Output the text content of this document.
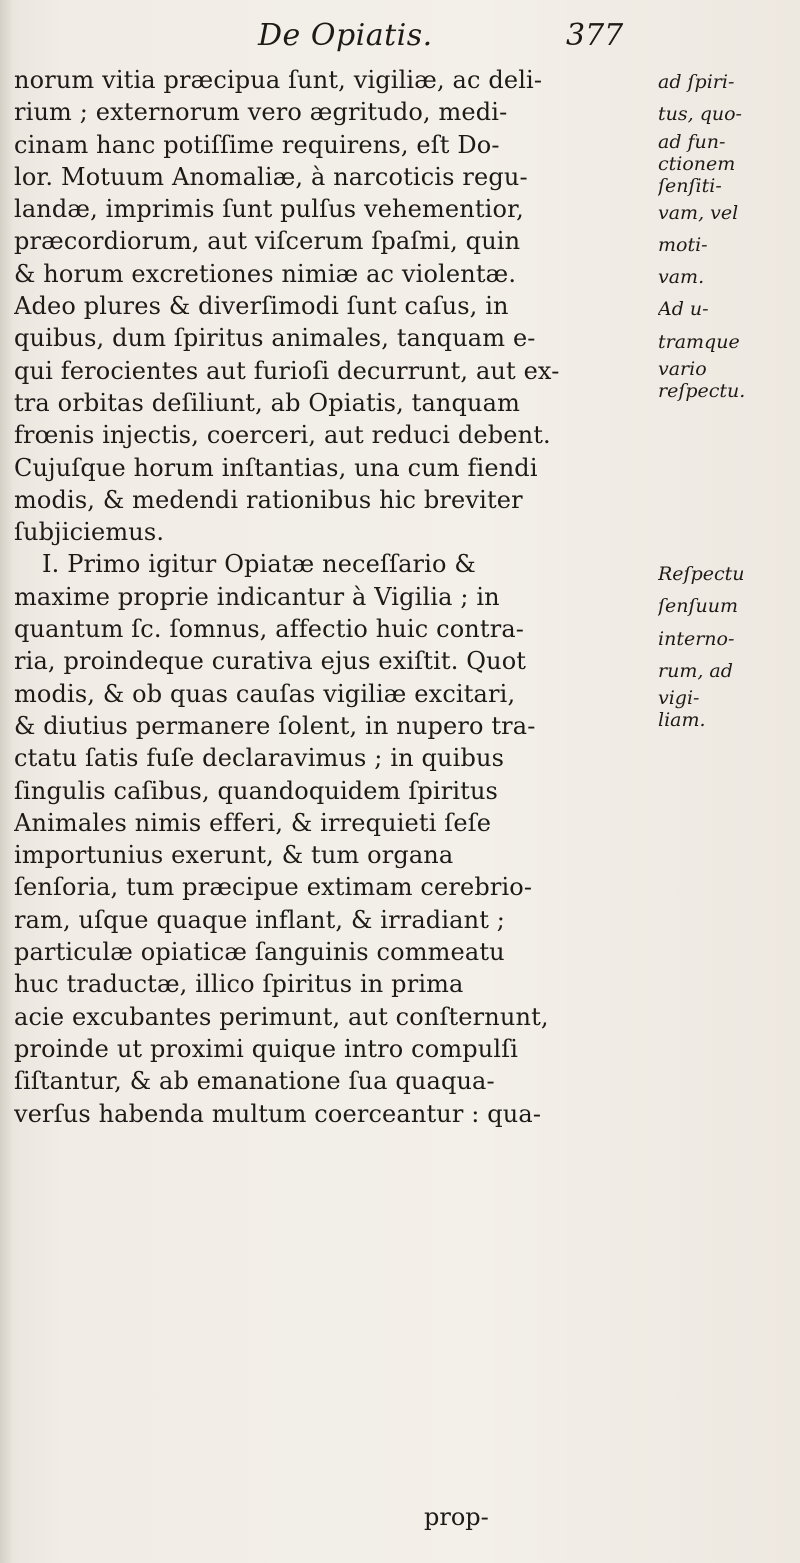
De Opiatis.	377
norum vitia præcipua ſunt, vigiliæ, ac deli-
rium ; externorum vero ægritudo, medi-
cinam hanc potiſſime requirens, eſt Do-
lor. Motuum Anomaliæ, à narcoticis regu-
landæ, imprimis ſunt pulſus vehementior,
præcordiorum, aut viſcerum ſpaſmi, quin
& horum excretiones nimiæ ac violentæ.
Adeo plures & diverſimodi ſunt caſus, in
quibus, dum ſpiritus animales, tanquam e-
qui ferocientes aut furioſi decurrunt, aut ex-
tra orbitas deſiliunt, ab Opiatis, tanquam
frœnis injectis, coerceri, aut reduci debent.
Cujuſque horum inſtantias, una cum fiendi
modis, & medendi rationibus hic breviter
ſubjiciemus.
I. Primo igitur Opiatæ neceſſario &
maxime proprie indicantur à Vigilia ; in
quantum ſc. ſomnus, affectio huic contra-
ria, proindeque curativa ejus exiſtit. Quot
modis, & ob quas cauſas vigiliæ excitari,
& diutius permanere ſolent, in nupero tra-
ctatu ſatis fuſe declaravimus ; in quibus
ſingulis caſibus, quandoquidem ſpiritus
Animales nimis efferi, & irrequieti ſeſe
importunius exerunt, & tum organa
ſenſoria, tum præcipue extimam cerebrio-
ram, uſque quaque inflant, & irradiant ;
particulæ opiaticæ ſanguinis commeatu
huc traductæ, illico ſpiritus in prima
acie excubantes perimunt, aut conſternunt,
proinde ut proximi quique intro compulſi
ſiſtantur, & ab emanatione ſua quaqua-
verſus habenda multum coerceantur : qua-
ad ſpiri-
tus, quo-
ad fun-
ctionem
ſenſiti-
vam, vel
moti-
vam.
Ad u-
tramque
vario
reſpectu.
Reſpectu
ſenſuum
interno-
rum, ad
vigi-
liam.
prop-
